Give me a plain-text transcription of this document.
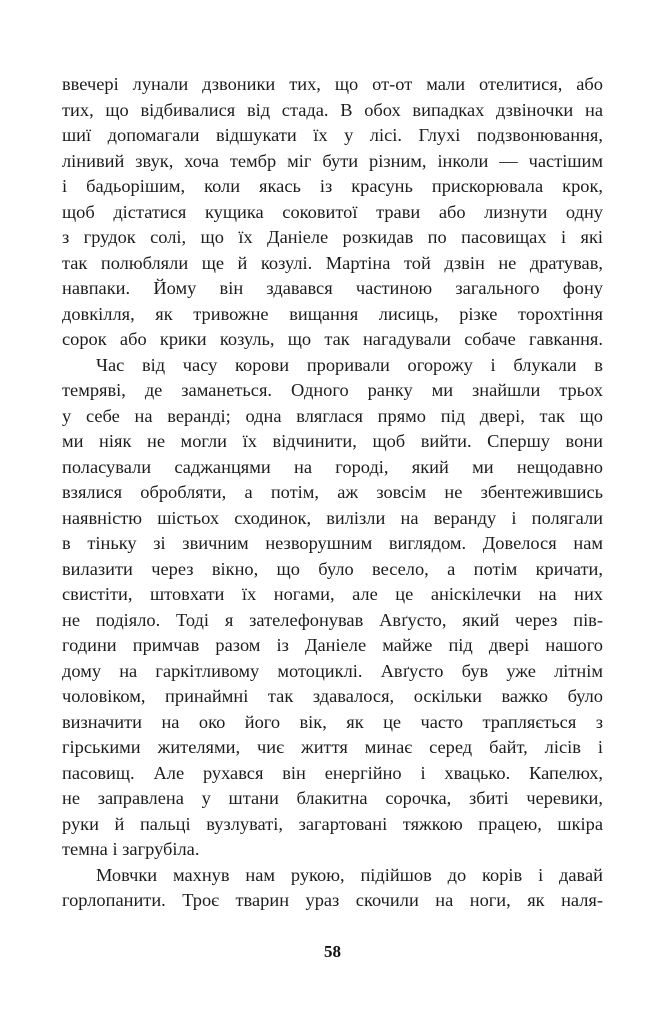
ввечері лунали дзвоники тих, що от-от мали отелитися, або
тих, що відбивалися від стада. В обох випадках дзвіночки на
шиї допомагали відшукати їх у лісі. Глухі подзвонювання,
лінивий звук, хоча тембр міг бути різним, інколи — частішим
і бадьорішим, коли якась із красунь прискорювала крок,
щоб дістатися кущика соковитої трави або лизнути одну
з грудок солі, що їх Даніеле розкидав по пасовищах і які
так полюбляли ще й козулі. Мартіна той дзвін не дратував,
навпаки. Йому він здавався частиною загального фону
довкілля, як тривожне вищання лисиць, різке торохтіння
сорок або крики козуль, що так нагадували собаче гавкання.
Час від часу корови проривали огорожу і блукали в
темряві, де заманеться. Одного ранку ми знайшли трьох
у себе на веранді; одна вляглася прямо під двері, так що
ми ніяк не могли їх відчинити, щоб вийти. Спершу вони
поласували саджанцями на городі, який ми нещодавно
взялися обробляти, а потім, аж зовсім не збентежившись
наявністю шістьох сходинок, вилізли на веранду і полягали
в тіньку зі звичним незворушним виглядом. Довелося нам
вилазити через вікно, що було весело, а потім кричати,
свистіти, штовхати їх ногами, але це аніскілечки на них
не подіяло. Тоді я зателефонував Авґусто, який через пів-
години примчав разом із Даніеле майже під двері нашого
дому на гаркітливому мотоциклі. Авґусто був уже літнім
чоловіком, принаймні так здавалося, оскільки важко було
визначити на око його вік, як це часто трапляється з
гірськими жителями, чиє життя минає серед байт, лісів і
пасовищ. Але рухався він енергійно і хвацько. Капелюх,
не заправлена у штани блакитна сорочка, збиті черевики,
руки й пальці вузлуваті, загартовані тяжкою працею, шкіра
темна і загрубіла.
Мовчки махнув нам рукою, підійшов до корів і давай
горлопанити. Троє тварин ураз скочили на ноги, як наля-
58
